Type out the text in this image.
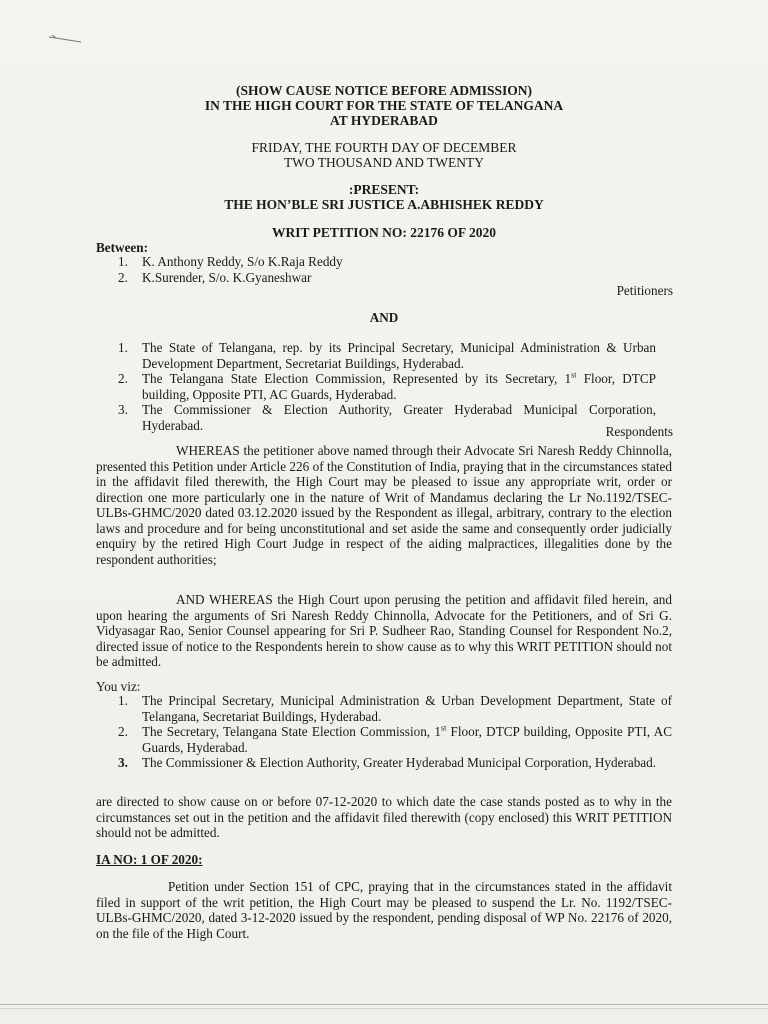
(SHOW CAUSE NOTICE BEFORE ADMISSION)
IN THE HIGH COURT FOR THE STATE OF TELANGANA
AT HYDERABAD
FRIDAY, THE FOURTH DAY OF DECEMBER
TWO THOUSAND AND TWENTY
:PRESENT:
THE HON’BLE SRI JUSTICE A.ABHISHEK REDDY
WRIT PETITION NO: 22176 OF 2020
Between:
1. K. Anthony Reddy, S/o K.Raja Reddy
2. K.Surender, S/o. K.Gyaneshwar
Petitioners
AND
1. The State of Telangana, rep. by its Principal Secretary, Municipal Administration & Urban Development Department, Secretariat Buildings, Hyderabad.
2. The Telangana State Election Commission, Represented by its Secretary, 1st Floor, DTCP building, Opposite PTI, AC Guards, Hyderabad.
3. The Commissioner & Election Authority, Greater Hyderabad Municipal Corporation, Hyderabad.	Respondents

WHEREAS the petitioner above named through their Advocate Sri Naresh Reddy Chinnolla, presented this Petition under Article 226 of the Constitution of India, praying that in the circumstances stated in the affidavit filed therewith, the High Court may be pleased to issue any appropriate writ, order or direction one more particularly one in the nature of Writ of Mandamus declaring the Lr No.1192/TSEC-ULBs-GHMC/2020 dated 03.12.2020 issued by the Respondent as illegal, arbitrary, contrary to the election laws and procedure and for being unconstitutional and set aside the same and consequently order judicially enquiry by the retired High Court Judge in respect of the aiding malpractices, illegalities done by the respondent authorities;

AND WHEREAS the High Court upon perusing the petition and affidavit filed herein, and upon hearing the arguments of Sri Naresh Reddy Chinnolla, Advocate for the Petitioners, and of Sri G. Vidyasagar Rao, Senior Counsel appearing for Sri P. Sudheer Rao, Standing Counsel for Respondent No.2, directed issue of notice to the Respondents herein to show cause as to why this WRIT PETITION should not be admitted.

You viz:
1. The Principal Secretary, Municipal Administration & Urban Development Department, State of Telangana, Secretariat Buildings, Hyderabad.
2. The Secretary, Telangana State Election Commission, 1st Floor, DTCP building, Opposite PTI, AC Guards, Hyderabad.
3. The Commissioner & Election Authority, Greater Hyderabad Municipal Corporation, Hyderabad.

are directed to show cause on or before 07-12-2020 to which date the case stands posted as to why in the circumstances set out in the petition and the affidavit filed therewith (copy enclosed) this WRIT PETITION should not be admitted.

IA NO: 1 OF 2020:

Petition under Section 151 of CPC, praying that in the circumstances stated in the affidavit filed in support of the writ petition, the High Court may be pleased to suspend the Lr. No. 1192/TSEC-ULBs-GHMC/2020, dated 3-12-2020 issued by the respondent, pending disposal of WP No. 22176 of 2020, on the file of the High Court.
